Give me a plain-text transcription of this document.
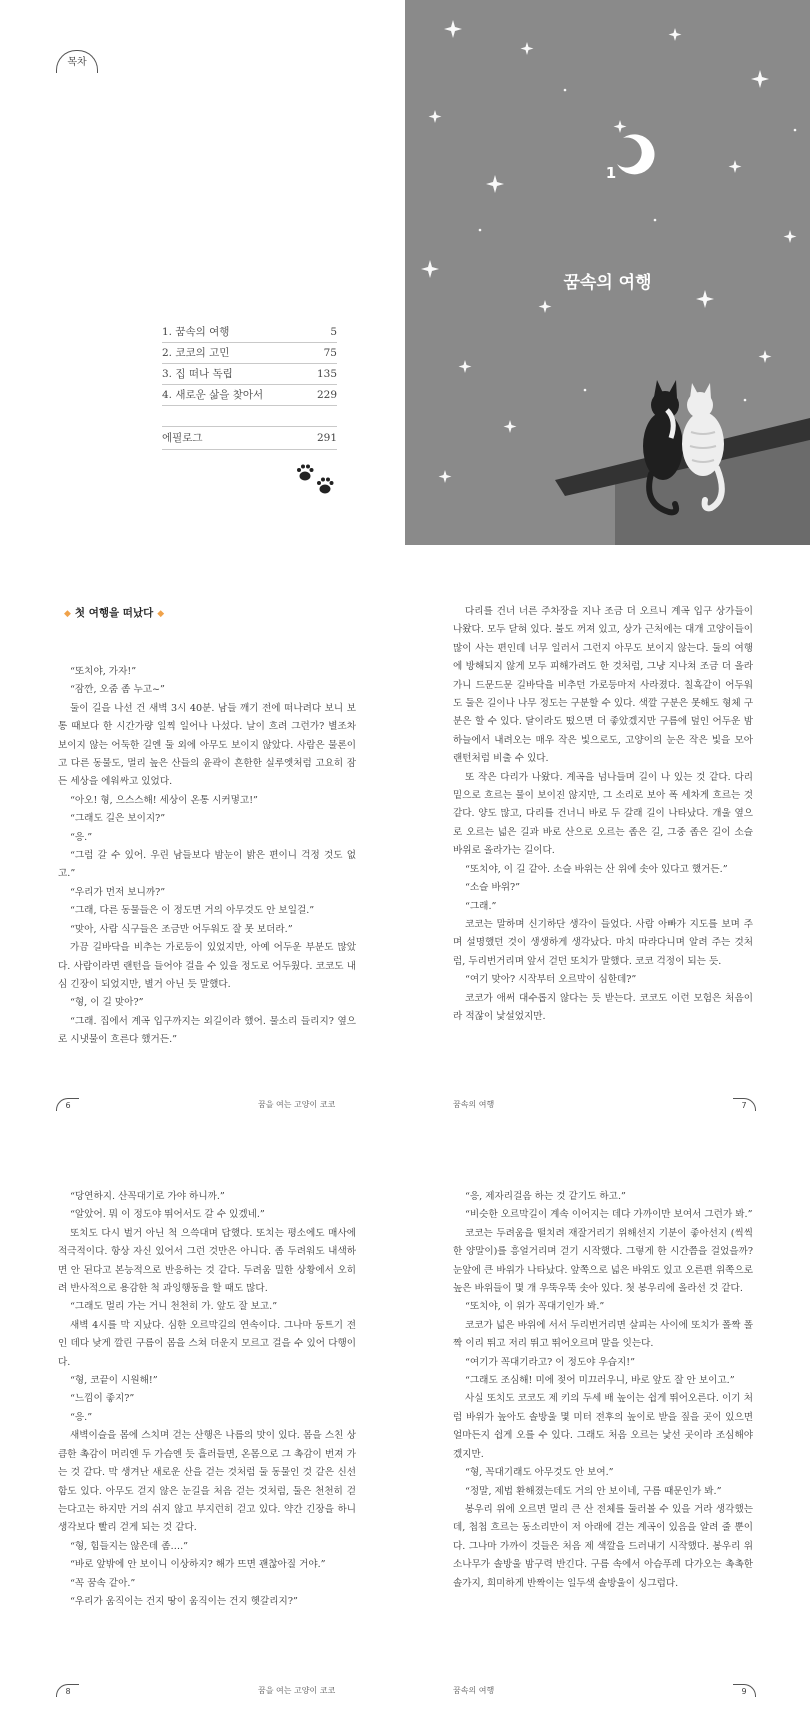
목차
1. 꿈속의 여행	5
2. 코코의 고민	75
3. 집 떠나 독립	135
4. 새로운 삶을 찾아서	229
에필로그	291
1
꿈속의 여행
◆ 첫 여행을 떠났다 ◆

“또치야, 가자!”

“잠깐, 오줌 좀 누고~”

둘이 길을 나선 건 새벽 3시 40분. 남들 깨기 전에 떠나려다 보니 보통 때보다 한 시간가량 일찍 일어나 나섰다. 날이 흐려 그런가? 별조차 보이지 않는 어둑한 길엔 둘 외에 아무도 보이지 않았다. 사람은 물론이고 다른 동물도, 멀리 높은 산들의 윤곽이 흔한한 실루엣처럼 고요히 잠든 세상을 에워싸고 있었다.

“아오! 형, 으스스해! 세상이 온통 시커멓고!”

“그래도 길은 보이지?”

“응.”

“그럼 갈 수 있어. 우린 남들보다 밤눈이 밝은 편이니 걱정 것도 없고.”

“우리가 먼저 보니까?”

“그래, 다른 동물들은 이 정도면 거의 아무것도 안 보일걸.”

“맞아, 사람 식구들은 조금만 어두워도 잘 못 보더라.”

가끔 길바닥을 비추는 가로등이 있었지만, 아예 어두운 부분도 많았다. 사람이라면 랜턴을 들어야 걸을 수 있을 정도로 어두웠다. 코코도 내심 긴장이 되었지만, 별거 아닌 듯 말했다.

“형, 이 길 맞아?”

“그래. 집에서 계곡 입구까지는 외길이라 했어. 물소리 들리지? 옆으로 시냇물이 흐른다 했거든.”

6	꿈을 여는 고양이 코코

다리를 건너 너른 주차장을 지나 조금 더 오르니 계곡 입구 상가들이 나왔다. 모두 닫혀 있다. 불도 꺼져 있고, 상가 근처에는 대개 고양이들이 많이 사는 편인데 너무 일러서 그런지 아무도 보이지 않는다. 둘의 여행에 방해되지 않게 모두 피해가려도 한 것처럼, 그냥 지나쳐 조금 더 올라가니 드문드문 길바닥을 비추던 가로등마저 사라졌다. 칠흑같이 어두워도 둘은 길이나 나무 정도는 구분할 수 있다. 색깔 구분은 못해도 형체 구분은 할 수 있다. 달이라도 떴으면 더 좋았겠지만 구름에 덮인 어두운 밤하늘에서 내려오는 매우 작은 빛으로도, 고양이의 눈은 작은 빛을 모아 랜턴처럼 비출 수 있다.

또 작은 다리가 나왔다. 계곡을 넘나들며 길이 나 있는 것 같다. 다리 밑으로 흐르는 물이 보이진 않지만, 그 소리로 보아 폭 세차게 흐르는 것 같다. 양도 많고, 다리를 건너니 바로 두 갈래 길이 나타났다. 개울 옆으로 오르는 넓은 길과 바로 산으로 오르는 좁은 길, 그중 좁은 길이 소슬 바위로 올라가는 길이다.

“또치야, 이 길 같아. 소슬 바위는 산 위에 솟아 있다고 했거든.”

“소슬 바위?”

“그래.”

코코는 말하며 신기하단 생각이 들었다. 사람 아빠가 지도를 보며 주며 설명했던 것이 생생하게 생각났다. 마치 따라다니며 알려 주는 것처럼, 두리번거리며 앞서 걷던 또치가 말했다. 코코 걱정이 되는 듯.

“여기 맞아? 시작부터 오르막이 심한데?”

코코가 애써 대수롭지 않다는 듯 받는다. 코코도 이런 모험은 처음이라 적잖이 낯설었지만.

꿈속의 여행	7

“당연하지. 산꼭대기로 가야 하니까.”

“알았어. 뭐 이 정도야 뛰어서도 갈 수 있겠네.”

또치도 다시 벌거 아닌 척 으쓱대며 답했다. 또치는 평소에도 매사에 적극적이다. 항상 자신 있어서 그런 것만은 아니다. 좀 두려워도 내색하면 안 된다고 본능적으로 반응하는 것 같다. 두려움 밀한 상황에서 오히려 반사적으로 용감한 척 과잉행동을 할 때도 많다.

“그래도 멀리 가는 거니 천천히 가. 앞도 잘 보고.”

새벽 4시를 막 지났다. 심한 오르막길의 연속이다. 그나마 동트기 전인 데다 낮게 깔린 구름이 몸을 스쳐 더운지 모르고 걸을 수 있어 다행이다.

“형, 코끝이 시원해!”

“느낌이 좋지?”

“응.”

새벽이슬을 몸에 스치며 걷는 산행은 나름의 맛이 있다. 몸을 스친 상큼한 촉감이 머리엔 두 가슴엔 듯 흘러들면, 온몸으로 그 촉감이 번져 가는 것 같다. 막 생겨난 새로운 산을 걷는 것처럼 둘 동물인 것 같은 신선함도 있다. 아무도 걷지 않은 눈길을 처음 걷는 것처럼, 둘은 천천히 걷는다고는 하지만 거의 쉬지 않고 부지런히 걷고 있다. 약간 긴장을 하니 생각보다 빨리 걷게 되는 것 같다.

“형, 힘들지는 않은데 좀….”

“바로 앞밖에 안 보이니 이상하지? 해가 뜨면 괜찮아질 거야.”

“꼭 꿈속 같아.”

“우리가 움직이는 건지 땅이 움직이는 건지 헷갈리지?”

8	꿈을 여는 고양이 코코

“응, 제자리걸음 하는 것 같기도 하고.”

“비슷한 오르막길이 계속 이어지는 데다 가까이만 보여서 그런가 봐.”

코코는 두려움을 떨치려 재잘거리기 위해선지 기분이 좋아선지 (씩씩한 양말이)를 흥얼거리며 걷기 시작했다. 그렇게 한 시간쯤을 걸었을까? 눈앞에 큰 바위가 나타났다. 앞쪽으로 넓은 바위도 있고 오른편 위쪽으로 높은 바위들이 몇 개 우뚝우뚝 솟아 있다. 첫 봉우리에 올라선 것 같다.

“또치야, 이 위가 꼭대기인가 봐.”

코코가 넓은 바위에 서서 두리번거리면 살피는 사이에 또치가 폴짝 폴짝 이리 뛰고 저리 뛰고 뛰어오르며 말을 잇는다.

“여기가 꼭대기라고? 이 정도야 우습지!”

“그래도 조심해! 미에 젖어 미끄러우니, 바로 앞도 잘 안 보이고.”

사실 또치도 코코도 제 키의 두세 배 높이는 쉽게 뛰어오른다. 이기 처럼 바위가 높아도 솔방울 몇 미터 전후의 높이로 받을 짚을 곳이 있으면 얼마든지 쉽게 오를 수 있다. 그래도 처음 오르는 낯선 곳이라 조심해야겠지만.

“형, 꼭대기래도 아무것도 안 보여.”

“정말, 제법 환해졌는데도 거의 안 보이네, 구름 때문인가 봐.”

봉우리 위에 오르면 멀리 큰 산 전체를 둘러볼 수 있을 거라 생각했는데, 첩첩 흐르는 동소리만이 저 아래에 걷는 계곡이 있음을 알려 줄 뿐이다. 그나마 가까이 것들은 처음 제 색깔을 드러내기 시작했다. 봉우리 위 소나무가 솔방울 밤구력 반긴다. 구름 속에서 아슴푸레 다가오는 촉촉한 솔가지, 희미하게 반짝이는 일두색 솔방울이 싱그럽다.

꿈속의 여행	9
